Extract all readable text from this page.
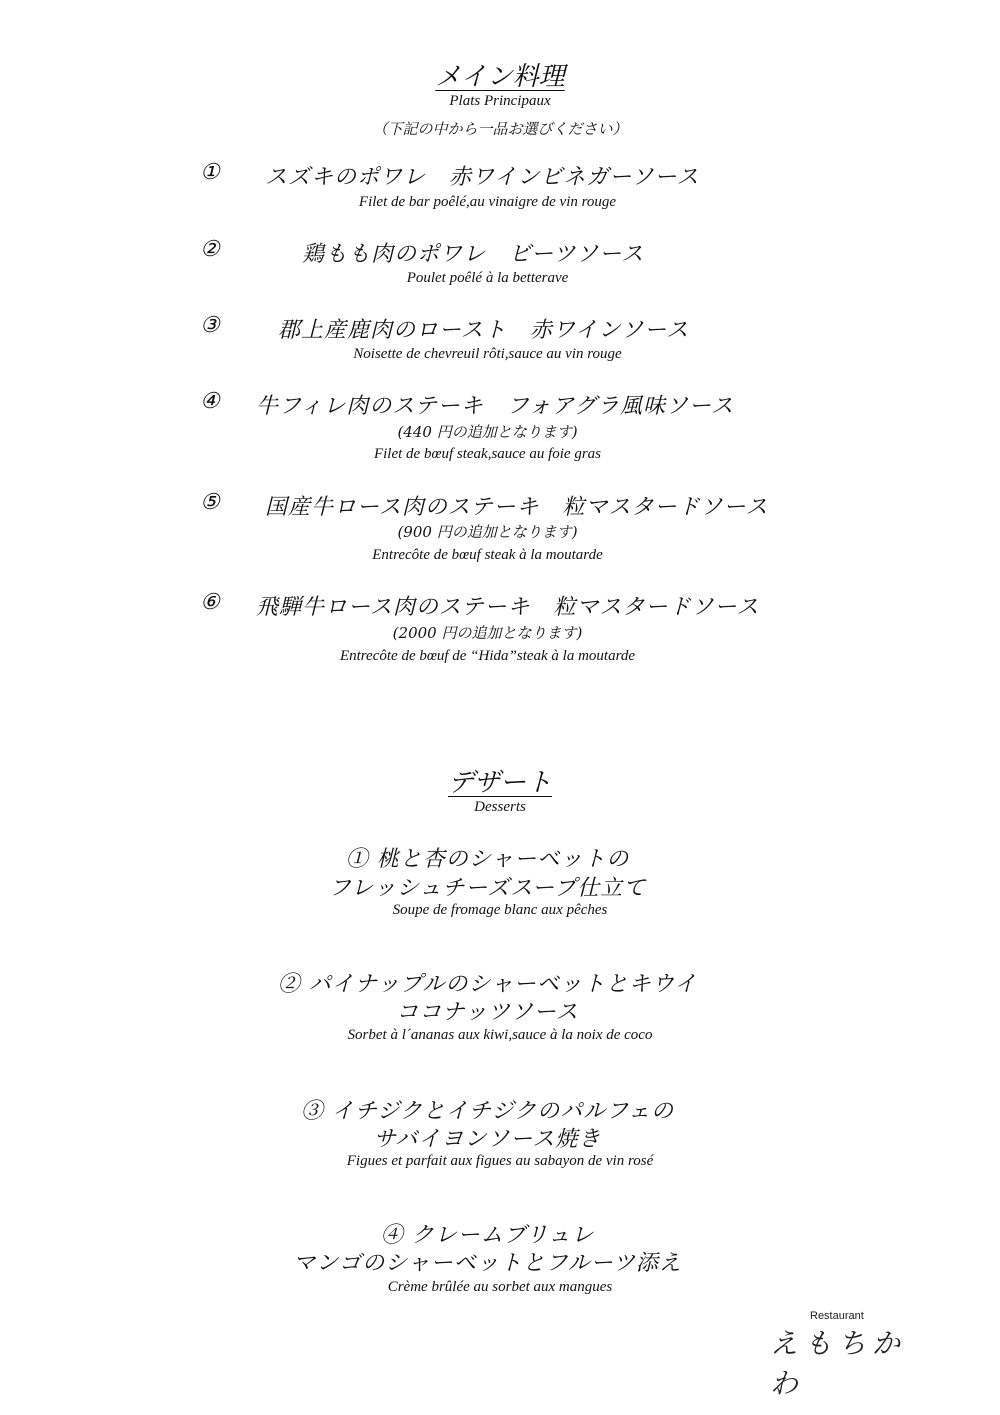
メイン料理
Plats Principaux
（下記の中から一品お選びください）
① スズキのポワレ　赤ワインビネガーソース
Filet de bar poêlé,au vinaigre de vin rouge
②	鶏もも肉のポワレ　ビーツソース
Poulet poêlé à la betterave
③	郡上産鹿肉のロースト　赤ワインソース
Noisette de chevreuil rôti,sauce au vin rouge
④ 牛フィレ肉のステーキ　フォアグラ風味ソース
(440 円の追加となります)
Filet de bœuf steak,sauce au foie gras
⑤ 国産牛ロース肉のステーキ　粒マスタードソース
(900 円の追加となります)
Entrecôte de bœuf steak à la moutarde
⑥ 飛騨牛ロース肉のステーキ　粒マスタードソース
(2000 円の追加となります)
Entrecôte de bœuf de “Hida”steak à la moutarde
デザート
Desserts
① 桃と杏のシャーベットの
フレッシュチーズスープ仕立て
Soupe de fromage blanc aux pêches
② パイナップルのシャーベットとキウイ
ココナッツソース
Sorbet à l´ananas aux kiwi,sauce à la noix de coco
③ イチジクとイチジクのパルフェの
サバイヨンソース焼き
Figues et parfait aux figues au sabayon de vin rosé
④ クレームブリュレ
マンゴのシャーベットとフルーツ添え
Crème brûlée au sorbet aux mangues
Restaurant
えもちかわ
